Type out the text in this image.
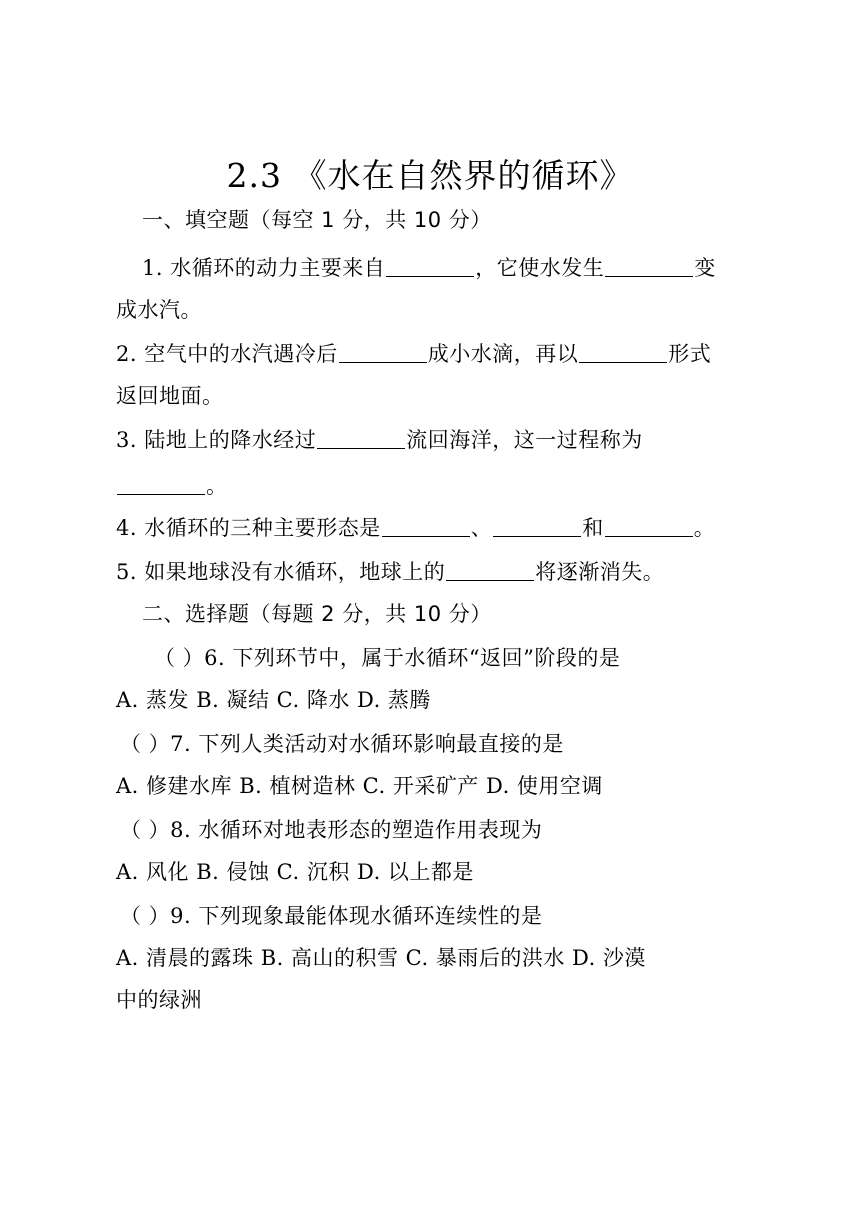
2.3 《水在自然界的循环》
一、填空题（每空 1 分，共 10 分）
1. 水循环的动力主要来自	，它使水发生	变
成水汽。
2. 空气中的水汽遇冷后	成小水滴，再以	形式
返回地面。
3. 陆地上的降水经过	流回海洋，这一过程称为
。
4. 水循环的三种主要形态是	、	和	。
5. 如果地球没有水循环，地球上的	将逐渐消失。
二、选择题（每题 2 分，共 10 分）
（ ）6. 下列环节中，属于水循环“返回”阶段的是
A. 蒸发 B. 凝结 C. 降水 D. 蒸腾
（ ）7. 下列人类活动对水循环影响最直接的是
A. 修建水库 B. 植树造林 C. 开采矿产 D. 使用空调
（ ）8. 水循环对地表形态的塑造作用表现为
A. 风化 B. 侵蚀 C. 沉积 D. 以上都是
（ ）9. 下列现象最能体现水循环连续性的是
A. 清晨的露珠 B. 高山的积雪 C. 暴雨后的洪水 D. 沙漠
中的绿洲
